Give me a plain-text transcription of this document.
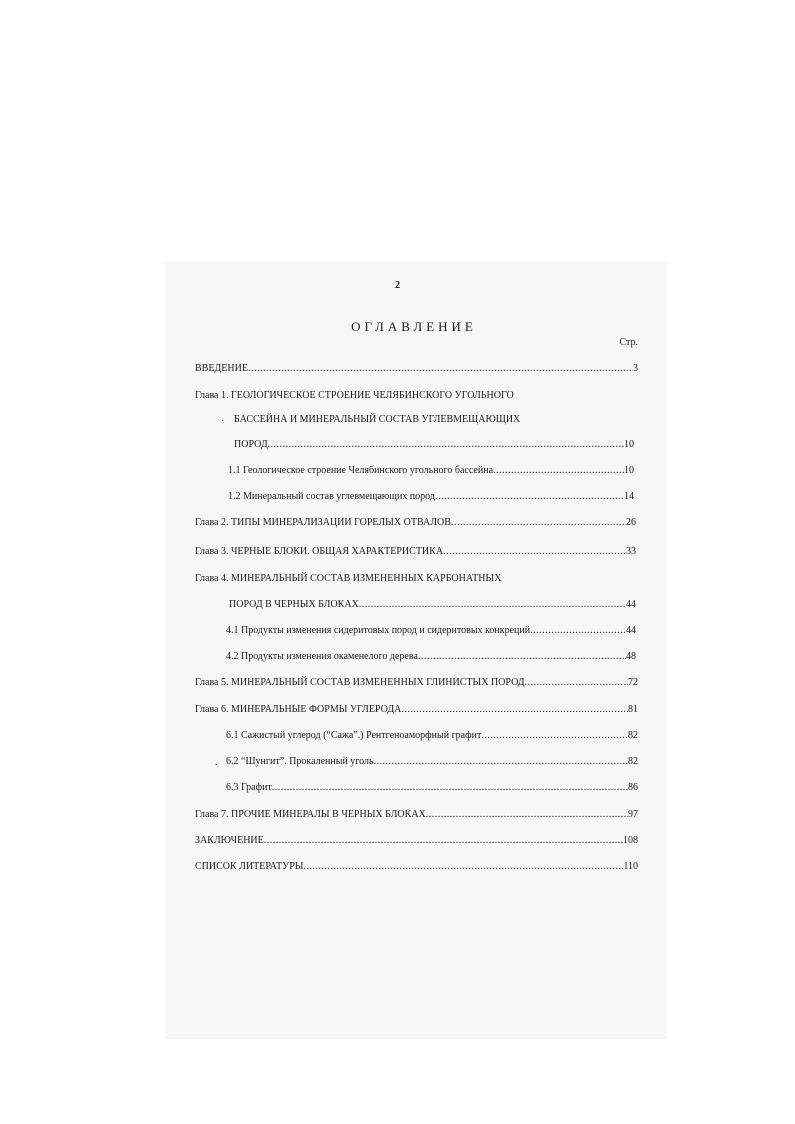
2
ОГЛАВЛЕНИЕ
Стр.
ВВЕДЕНИЕ .....	3
Глава 1. ГЕОЛОГИЧЕСКОЕ СТРОЕНИЕ ЧЕЛЯБИНСКОГО УГОЛЬНОГО
· БАССЕЙНА И МИНЕРАЛЬНЫЙ СОСТАВ УГЛЕВМЕЩАЮЩИХ
ПОРОД .....	10
1.1 Геологическое строение Челябинского угольного бассейна .....	10
1.2 Минеральный состав углевмещающих пород .....	14
Глава 2. ТИПЫ МИНЕРАЛИЗАЦИИ ГОРЕЛЫХ ОТВАЛОВ .....	26
Глава 3. ЧЕРНЫЕ БЛОКИ. ОБЩАЯ ХАРАКТЕРИСТИКА .....	33
Глава 4. МИНЕРАЛЬНЫЙ СОСТАВ ИЗМЕНЕННЫХ КАРБОНАТНЫХ
ПОРОД В ЧЕРНЫХ БЛОКАХ .....	44
4.1 Продукты изменения сидеритовых пород и сидеритовых конкреций .....	44
4.2 Продукты изменения окаменелого дерева .....	48
Глава 5. МИНЕРАЛЬНЫЙ СОСТАВ ИЗМЕНЕННЫХ ГЛИНИСТЫХ ПОРОД .....	72
Глава 6. МИНЕРАЛЬНЫЕ ФОРМЫ УГЛЕРОДА .....	81
6.1 Сажистый углерод (“Сажа”.) Рентгеноаморфный графит .....	82
. 6.2 “Шунгит”. Прокаленный уголь .....	82
6.3 Графит .....	86
Глава 7. ПРОЧИЕ МИНЕРАЛЫ В ЧЕРНЫХ БЛОКАХ .....	97
ЗАКЛЮЧЕНИЕ .....	108
СПИСОК ЛИТЕРАТУРЫ .....	110
